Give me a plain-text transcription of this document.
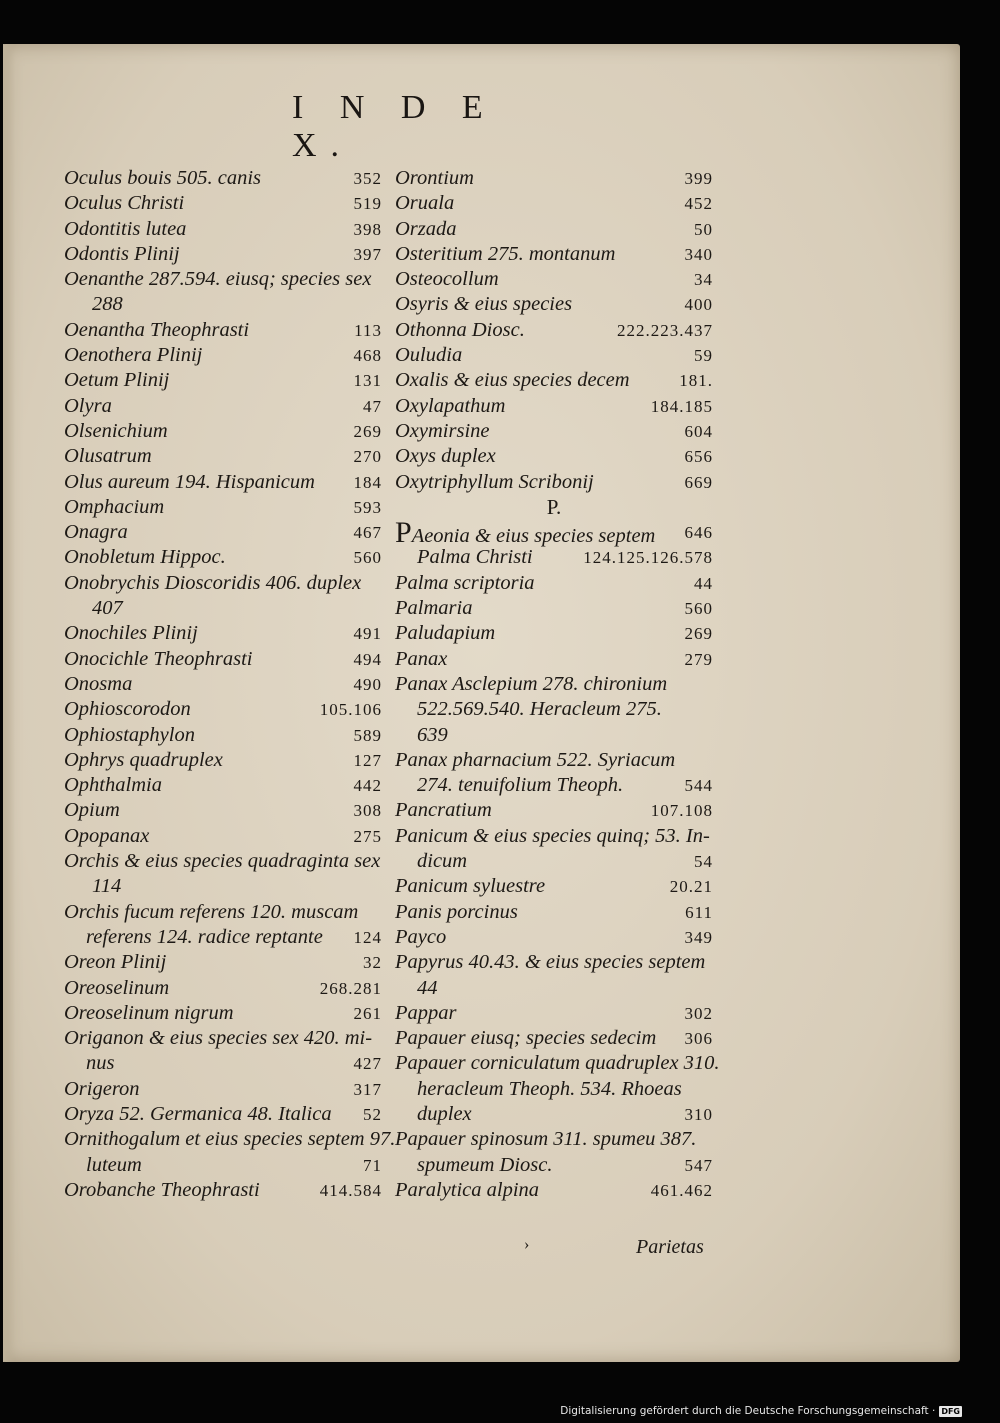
I N D E X.
Oculus bouis 505. canis	352
Oculus Christi	519
Odontitis lutea	398
Odontis Plinij	397
Oenanthe 287.594. eiusq; species sex
288
Oenantha Theophrasti	113
Oenothera Plinij	468
Oetum Plinij	131
Olyra	47
Olsenichium	269
Olusatrum	270
Olus aureum 194. Hispanicum 184
Omphacium	593
Onagra	467
Onobletum Hippoc.	560
Onobrychis Dioscoridis 406. duplex
407
Onochiles Plinij	491
Onocichle Theophrasti	494
Onosma	490
Ophioscorodon	105.106
Ophiostaphylon	589
Ophrys quadruplex	127
Ophthalmia	442
Opium	308
Opopanax	275
Orchis & eius species quadraginta sex
114
Orchis fucum referens 120. muscam
referens 124. radice reptante 124
Oreon Plinij	32
Oreoselinum	268.281
Oreoselinum nigrum	261
Origanon & eius species sex 420. mi-
nus	427
Origeron	317
Oryza 52. Germanica 48. Italica 52
Ornithogalum et eius species septem 97.
luteum	71
Orobanche Theophrasti	414.584
Orontium	399
Oruala	452
Orzada	50
Osteritium 275. montanum	340
Osteocollum	34
Osyris & eius species	400
Othonna Diosc.	222.223.437
Ouludia	59
Oxalis & eius species decem	181.
Oxylapathum	184.185
Oxymirsine	604
Oxys duplex	656
Oxytriphyllum Scribonij	669
P.
PAeonia & eius species septem 646
Palma Christi	124.125.126.578
Palma scriptoria	44
Palmaria	560
Paludapium	269
Panax	279
Panax Asclepium 278. chironium
522.569.540. Heracleum 275.
639
Panax pharnacium 522. Syriacum
274. tenuifolium Theoph.	544
Pancratium	107.108
Panicum & eius species quinq; 53. In-
dicum	54
Panicum syluestre	20.21
Panis porcinus	611
Payco	349
Papyrus 40.43. & eius species septem
44
Pappar	302
Papauer eiusq; species sedecim 306
Papauer corniculatum quadruplex 310.
heracleum Theoph. 534. Rhoeas
duplex	310
Papauer spinosum 311. spumeu 387.
spumeum Diosc.	547
Paralytica alpina	461.462
›	Parietas
Digitalisierung gefördert durch die Deutsche Forschungsgemeinschaft · DFG
